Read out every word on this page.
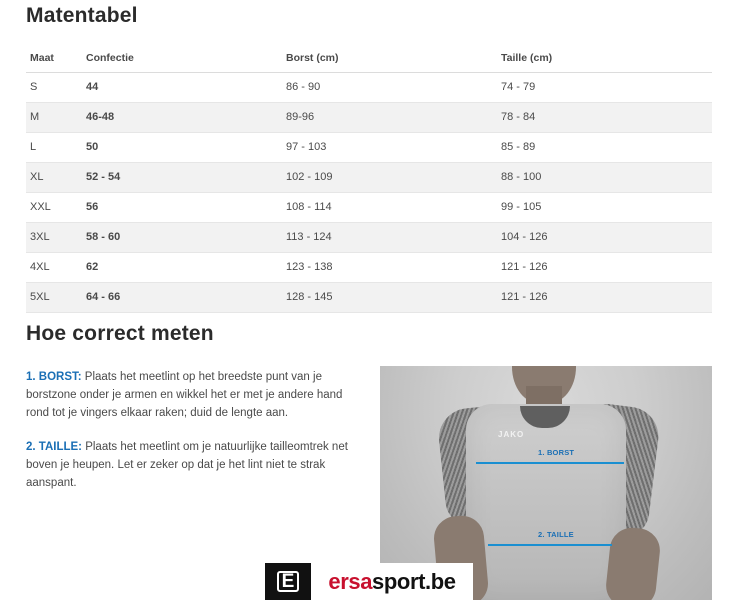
Matentabel
Maat	Confectie	Borst (cm)	Taille (cm)
S	44	86 - 90	74 - 79
M	46-48	89-96	78 - 84
L	50	97 - 103	85 - 89
XL	52 - 54	102 - 109	88 - 100
XXL	56	108 - 114	99 - 105
3XL	58 - 60	113 - 124	104 - 126
4XL	62	123 - 138	121 - 126
5XL	64 - 66	128 - 145	121 - 126
Hoe correct meten

1. BORST: Plaats het meetlint op het breedste punt van je borstzone onder je armen en wikkel het er met je andere hand rond tot je vingers elkaar raken; duid de lengte aan.

2. TAILLE: Plaats het meetlint om je natuurlijke tailleomtrek net boven je heupen. Let er zeker op dat je het lint niet te strak aanspant.

JAKO
1. BORST
2. TAILLE
E ersa sport .be
